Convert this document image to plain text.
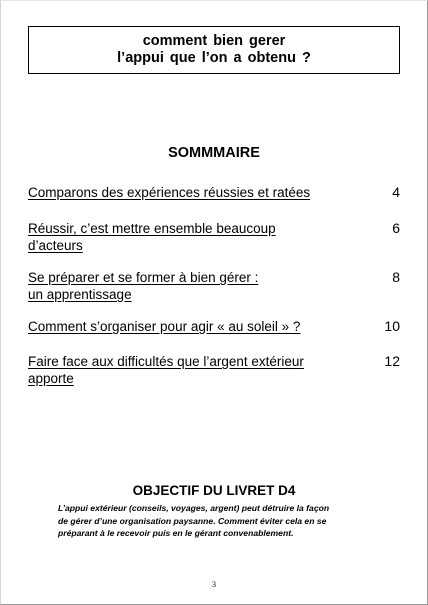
comment bien gerer
l’appui que l’on a obtenu ?
SOMMMAIRE
Comparons des expériences réussies et ratées	4
Réussir, c’est mettre ensemble beaucoup
d’acteurs
6
Se préparer et se former à bien gérer :
un apprentissage
8
Comment s’organiser pour agir « au soleil » ?	10
Faire face aux difficultés que l’argent extérieur
apporte
12
OBJECTIF DU LIVRET D4
L’appui extérieur (conseils, voyages, argent) peut détruire la façon
de gérer d’une organisation paysanne. Comment éviter cela en se
préparant à le recevoir puis en le gérant convenablement.
3
